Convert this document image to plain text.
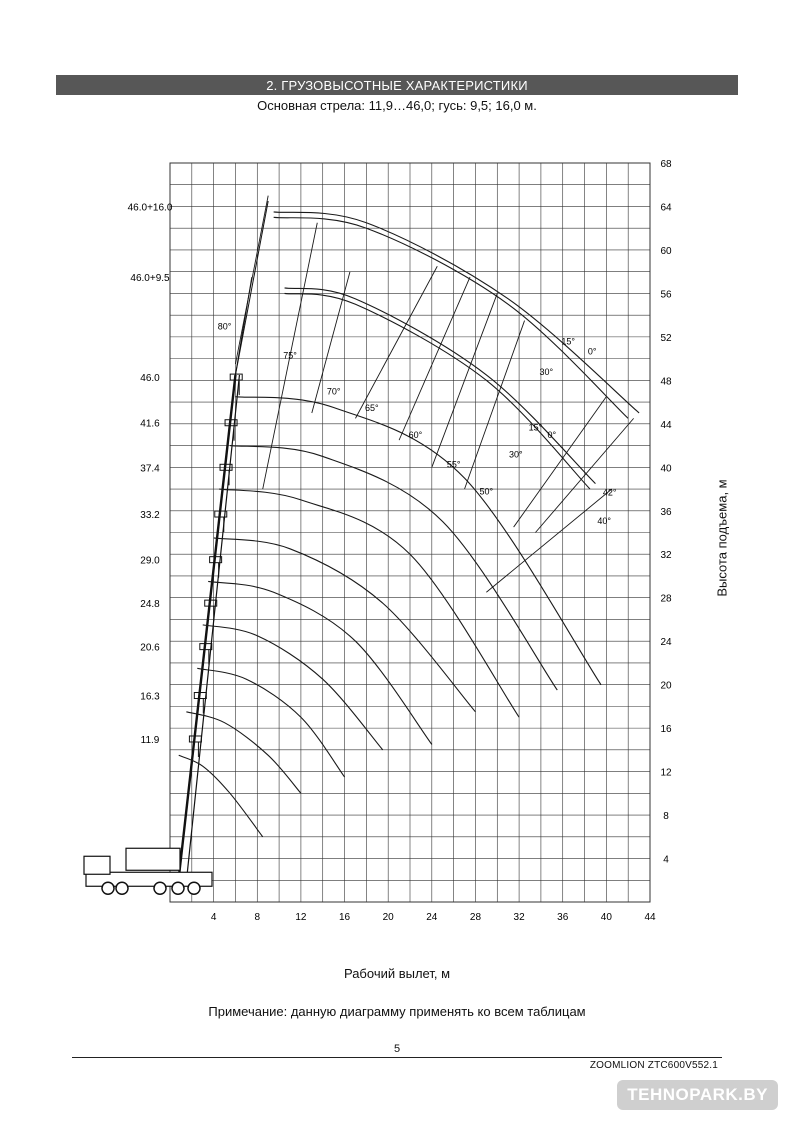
2. ГРУЗОВЫСОТНЫЕ ХАРАКТЕРИСТИКИ
Основная стрела: 11,9…46,0; гусь: 9,5; 16,0 м.
4	8	12	16	20	24	28	32	36	40	44
4
8
12
16
20
24
28
32
36
40
44
48
52
56
60
64
68
11.9
16.3
20.6
24.8
29.0
33.2
37.4
41.6
46.0
46.0+9.5
46.0+16.0
80°
75°
70°
65°
60°
55°
50°
15°
0°
30°
15°
0°
30°
42°
40°
Рабочий вылет, м
Высота подъема, м
Примечание: данную диаграмму применять ко всем таблицам
5
ZOOMLION ZTC600V552.1
TEHNOPARK.BY
